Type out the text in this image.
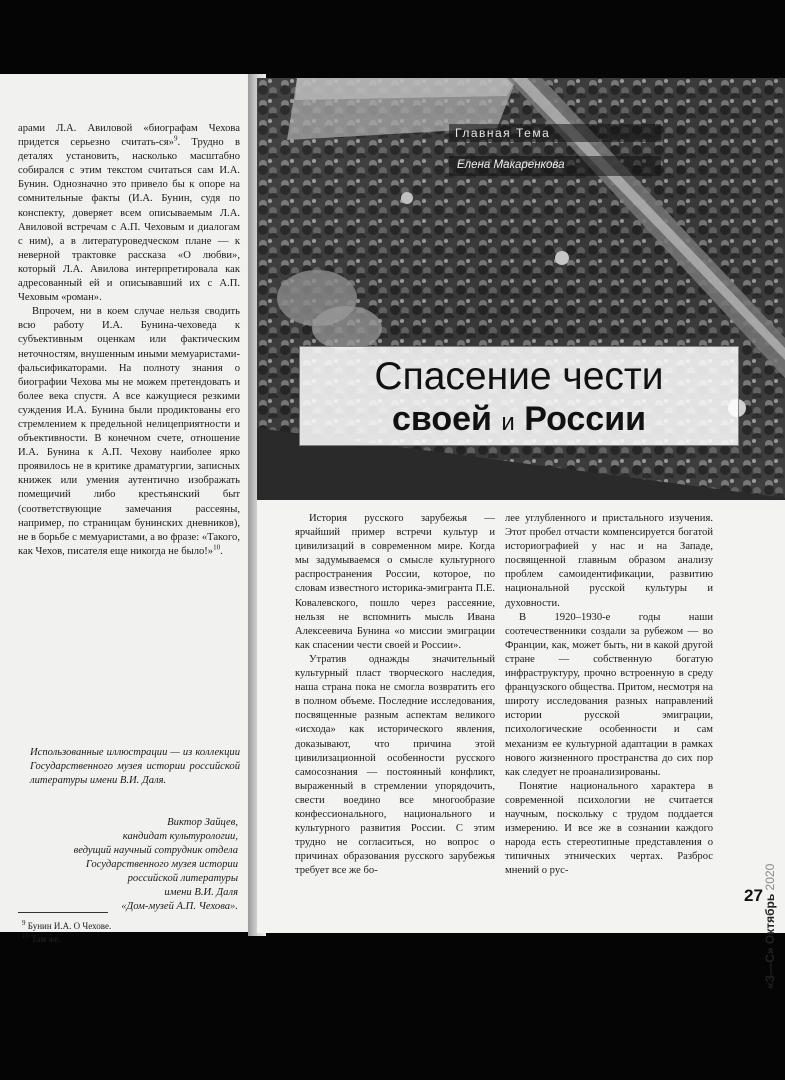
арами Л.А. Авиловой «биографам Чехова придется серьезно считать-ся»$^9$. Трудно в деталях установить, насколько масштабно собирался с этим текстом считаться сам И.А. Бунин. Однозначно это привело бы к опоре на сомнительные факты (И.А. Бунин, судя по конспекту, доверяет всем описываемым Л.А. Авиловой встречам с А.П. Чеховым и диалогам с ним), а в литературоведческом плане — к неверной трактовке рассказа «О любви», который Л.А. Авилова интерпретировала как адресованный ей и описывавший их с А.П. Чеховым «роман».

Впрочем, ни в коем случае нельзя сводить всю работу И.А. Бунина-чеховеда к субъективным оценкам или фактическим неточностям, внушенным иными мемуаристами-фальсификаторами. На полноту знания о биографии Чехова мы не можем претендовать и более века спустя. А все кажущиеся резкими суждения И.А. Бунина были продиктованы его стремлением к предельной нелицеприятности и объективности. В конечном счете, отношение И.А. Бунина к А.П. Чехову наиболее ярко проявилось не в критике драматургии, записных книжек или умения аутентично изображать помещичий либо крестьянский быт (соответствующие замечания рассеяны, например, по страницам бунинских дневников), не в борьбе с мемуаристами, а во фразе: «Такого, как Чехов, писателя еще никогда не было!»$^{10}$.

Использованные иллюстрации — из коллекции Государственного музея истории российской литературы имени В.И. Даля.

Виктор Зайцев,
кандидат культурологии,
ведущий научный сотрудник отдела
Государственного музея истории
российской литературы
имени В.И. Даля
«Дом-музей А.П. Чехова».
$^9$ Бунин И.А. О Чехове.
$^{10}$ Там же.
Главная Тема
Елена Макаренкова
Спасение чести
своей и России

История русского зарубежья — ярчайший пример встречи культур и цивилизаций в современном мире. Когда мы задумываемся о смысле культурного распространения России, которое, по словам известного историка-эмигранта П.Е. Ковалевского, пошло через рассеяние, нельзя не вспомнить мысль Ивана Алексеевича Бунина «о миссии эмиграции как спасении чести своей и России».

Утратив однажды значительный культурный пласт творческого наследия, наша страна пока не смогла возвратить его в полном объеме. Последние исследования, посвященные разным аспектам великого «исхода» как исторического явления, доказывают, что причина этой цивилизационной особенности русского самосознания — постоянный конфликт, выраженный в стремлении упорядочить, свести воедино все многообразие конфессионального, национального и культурного развития России. С этим трудно не согласиться, но вопрос о причинах образования русского зарубежья требует все же бо-

лее углубленного и пристального изучения. Этот пробел отчасти компенсируется богатой историографией у нас и на Западе, посвященной главным образом анализу проблем самоидентификации, развитию национальной русской культуры и духовности.

В 1920–1930-е годы наши соотечественники создали за рубежом — во Франции, как, может быть, ни в какой другой стране — собственную богатую инфраструктуру, прочно встроенную в среду французского общества. Притом, несмотря на широту исследования разных направлений истории русской эмиграции, психологические особенности и сам механизм ее культурной адаптации в рамках нового жизненного пространства до сих пор как следует не проанализированы.

Понятие национального характера в современной психологии не считается научным, поскольку с трудом поддается измерению. И все же в сознании каждого народа есть стереотипные представления о типичных этнических чертах. Разброс мнений о рус-

«З—С» Октябрь 2020
27
